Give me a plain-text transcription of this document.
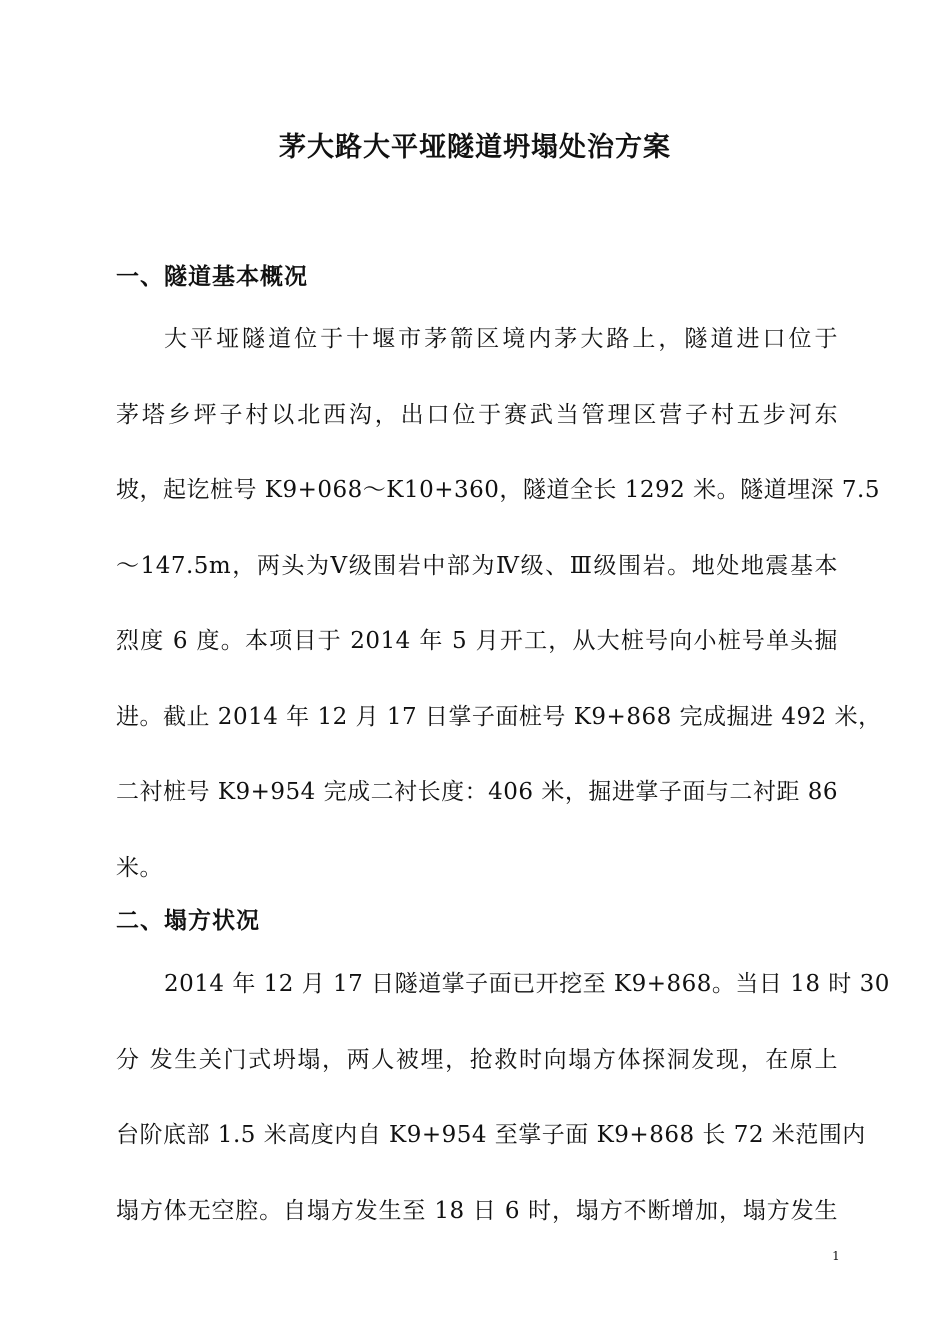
茅大路大平垭隧道坍塌处治方案
一、隧道基本概况
大平垭隧道位于十堰市茅箭区境内茅大路上，隧道进口位于
茅塔乡坪子村以北西沟，出口位于赛武当管理区营子村五步河东
坡，起讫桩号 K9+068～K10+360，隧道全长 1292 米。隧道埋深 7.5
～147.5m，两头为Ⅴ级围岩中部为Ⅳ级、Ⅲ级围岩。地处地震基本
烈度 6 度。本项目于 2014 年 5 月开工，从大桩号向小桩号单头掘
进。截止 2014 年 12 月 17 日掌子面桩号 K9+868 完成掘进 492 米，
二衬桩号 K9+954 完成二衬长度：406 米，掘进掌子面与二衬距 86
米。
二、塌方状况
2014 年 12 月 17 日隧道掌子面已开挖至 K9+868。当日 18 时 30
分 发生关门式坍塌，两人被埋，抢救时向塌方体探洞发现，在原上
台阶底部 1.5 米高度内自 K9+954 至掌子面 K9+868 长 72 米范围内
塌方体无空腔。自塌方发生至 18 日 6 时，塌方不断增加，塌方发生
1
